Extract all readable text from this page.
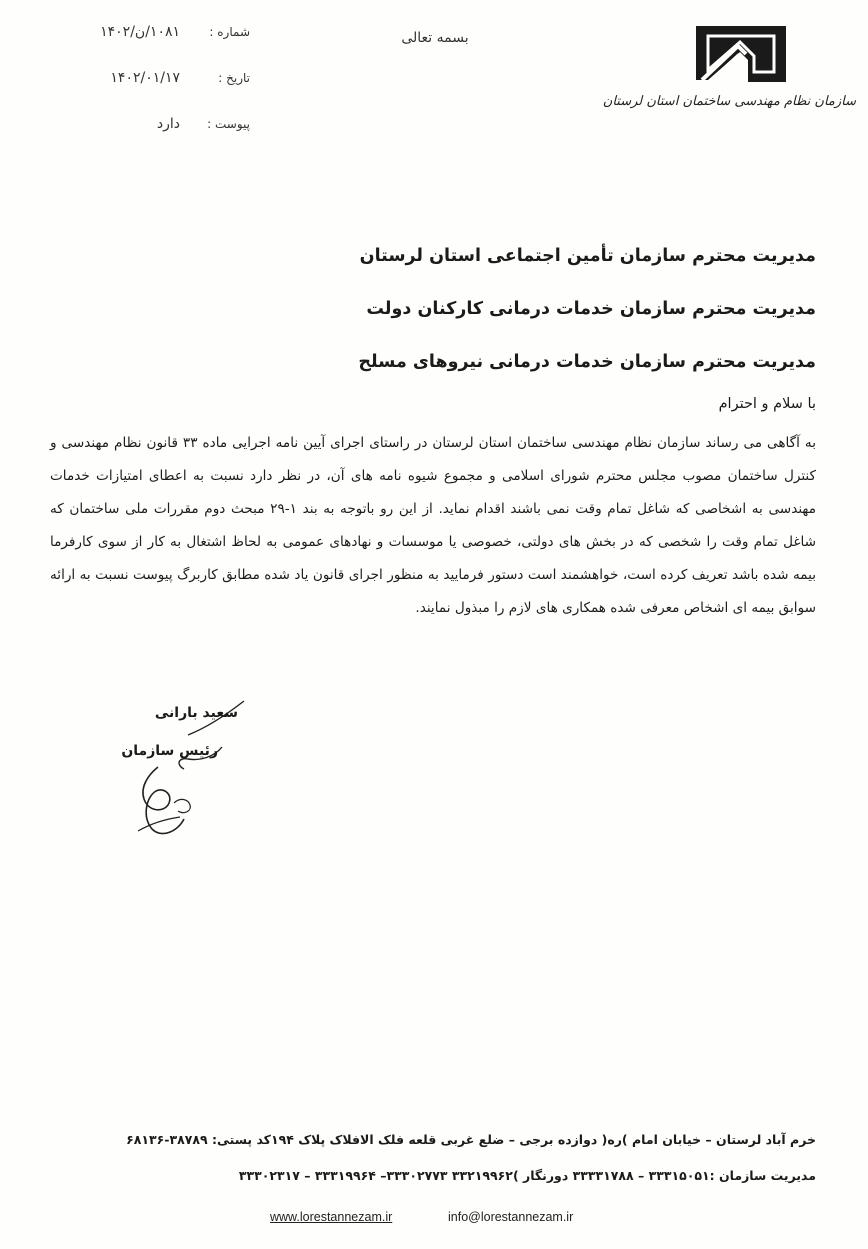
سازمان نظام مهندسی ساختمان استان لرستان
بسمه تعالی
شماره :
۱۰۸۱/ن/۱۴۰۲
تاریخ :
۱۴۰۲/۰۱/۱۷
پیوست :
دارد
مدیریت محترم سازمان تأمین اجتماعی استان لرستان
مدیریت محترم سازمان خدمات درمانی کارکنان دولت
مدیریت محترم سازمان خدمات درمانی نیروهای مسلح
با سلام و احترام
به آگاهی می رساند سازمان نظام مهندسی ساختمان استان لرستان در راستای اجرای آیین نامه اجرایی ماده ۳۳ قانون نظام مهندسی و کنترل ساختمان مصوب مجلس محترم شورای اسلامی و مجموع شیوه نامه های آن، در نظر دارد نسبت به اعطای امتیازات خدمات مهندسی به اشخاصی که شاغل تمام وقت نمی باشند اقدام نماید. از این رو باتوجه به بند ۱-۲۹ مبحث دوم مقررات ملی ساختمان که شاغل تمام وقت را شخصی که در بخش های دولتی، خصوصی یا موسسات و نهادهای عمومی به لحاظ اشتغال به کار از سوی کارفرما بیمه شده باشد تعریف کرده است، خواهشمند است دستور فرمایید به منظور اجرای قانون یاد شده مطابق کاربرگ پیوست نسبت به ارائه سوابق بیمه ای اشخاص معرفی شده همکاری های لازم را مبذول نمایند.
سعید بارانی
رئیس سازمان
خرم آباد لرستان – خیابان امام )ره( دوازده برجی – ضلع غربی قلعه فلک الافلاک پلاک ۱۹۴کد پستی: ۳۸۷۸۹-۶۸۱۳۶
مدیریت سازمان :۳۳۳۱۵۰۵۱ – ۳۳۳۳۱۷۸۸ دورنگار )۳۳۲۱۹۹۶۲ ۳۳۳۰۲۷۷۳– ۳۳۳۱۹۹۶۴ – ۳۳۳۰۲۳۱۷
www.lorestannezam.ir	info@lorestannezam.ir
